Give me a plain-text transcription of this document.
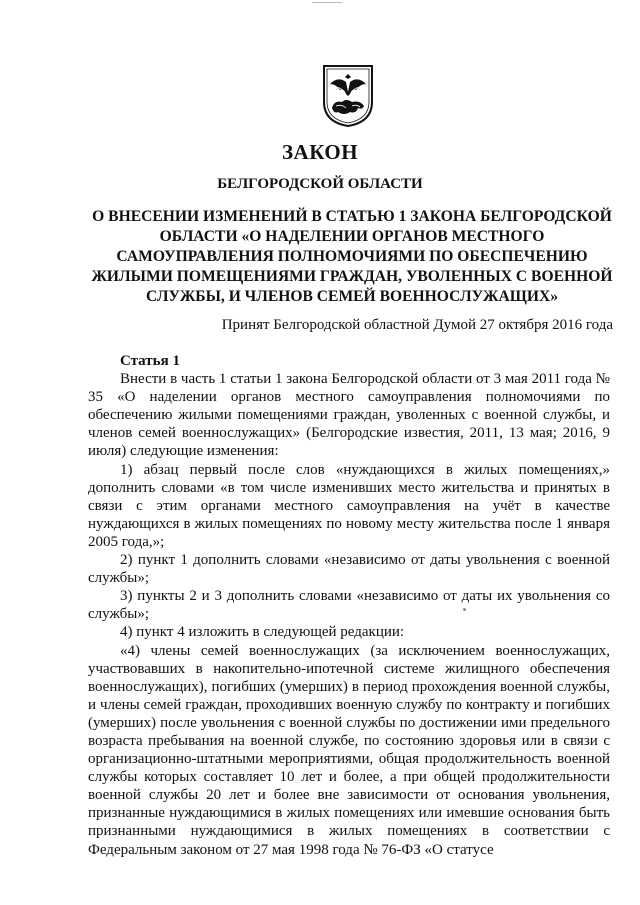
ЗАКОН
БЕЛГОРОДСКОЙ ОБЛАСТИ
О ВНЕСЕНИИ ИЗМЕНЕНИЙ В СТАТЬЮ 1 ЗАКОНА БЕЛГОРОДСКОЙ ОБЛАСТИ «О НАДЕЛЕНИИ ОРГАНОВ МЕСТНОГО САМОУПРАВЛЕНИЯ ПОЛНОМОЧИЯМИ ПО ОБЕСПЕЧЕНИЮ ЖИЛЫМИ ПОМЕЩЕНИЯМИ ГРАЖДАН, УВОЛЕННЫХ С ВОЕННОЙ СЛУЖБЫ, И ЧЛЕНОВ СЕМЕЙ ВОЕННОСЛУЖАЩИХ»
Принят Белгородской областной Думой 27 октября 2016 года

Статья 1

Внести в часть 1 статьи 1 закона Белгородской области от 3 мая 2011 года № 35 «О наделении органов местного самоуправления полномочиями по обеспечению жилыми помещениями граждан, уволенных с военной службы, и членов семей военнослужащих» (Белгородские известия, 2011, 13 мая; 2016, 9 июля) следующие изменения:

1) абзац первый после слов «нуждающихся в жилых помещениях,» дополнить словами «в том числе изменивших место жительства и принятых в связи с этим органами местного самоуправления на учёт в качестве нуждающихся в жилых помещениях по новому месту жительства после 1 января 2005 года,»;

2) пункт 1 дополнить словами «независимо от даты увольнения с военной службы»;

3) пункты 2 и 3 дополнить словами «независимо от даты их увольнения со службы»;

4) пункт 4 изложить в следующей редакции:

«4) члены семей военнослужащих (за исключением военнослужащих, участвовавших в накопительно-ипотечной системе жилищного обеспечения военнослужащих), погибших (умерших) в период прохождения военной службы, и члены семей граждан, проходивших военную службу по контракту и погибших (умерших) после увольнения с военной службы по достижении ими предельного возраста пребывания на военной службе, по состоянию здоровья или в связи с организационно-штатными мероприятиями, общая продолжительность военной службы которых составляет 10 лет и более, а при общей продолжительности военной службы 20 лет и более вне зависимости от основания увольнения, признанные нуждающимися в жилых помещениях или имевшие основания быть признанными нуждающимися в жилых помещениях в соответствии с Федеральным законом от 27 мая 1998 года № 76-ФЗ «О статусе
